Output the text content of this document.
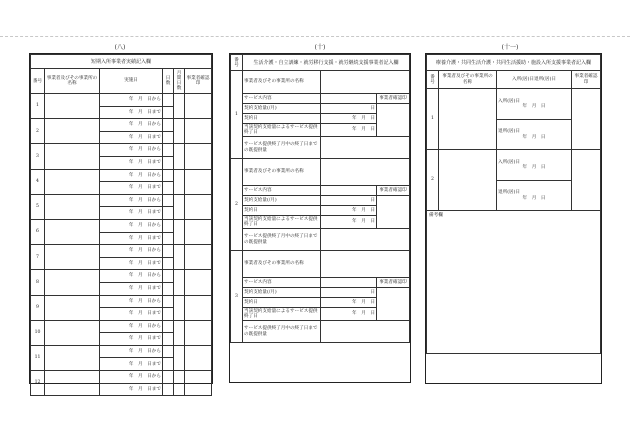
(八)	(十)	(十一)
短期入所事業者実績記入欄					
番号	事業者及びその事業所の名称	実施日	日数	月間日数	事業者確認印
1		年　月　日から			
		年　月　日まで			
2		年　月　日から			
		年　月　日まで			
3		年　月　日から			
		年　月　日まで			
4		年　月　日から			
		年　月　日まで			
5		年　月　日から			
		年　月　日まで			
6		年　月　日から			
		年　月　日まで			
7		年　月　日から			
		年　月　日まで			
8		年　月　日から			
		年　月　日まで			
9		年　月　日から			
		年　月　日まで			
10		年　月　日から			
		年　月　日まで			
11		年　月　日から			
		年　月　日まで			
12		年　月　日から			
		年　月　日まで			
番号	生活介護・自立訓練・就労移行支援・就労継続支援事業者記入欄		
1	事業者及びその事業所の名称		
	サービス内容		事業者確認印
	契約支給量(/月)	日	
	契約日	年　月　日	
	当該契約支給量によるサービス提供終了日	年　月　日	
	サービス提供終了月中の終了日までの既提供量		
2	事業者及びその事業所の名称		
	サービス内容		事業者確認印
	契約支給量(/月)	日	
	契約日	年　月　日	
	当該契約支給量によるサービス提供終了日	年　月　日	
	サービス提供終了月中の終了日までの既提供量		
3	事業者及びその事業所の名称		
	サービス内容		事業者確認印
	契約支給量(/月)	日	
	契約日	年　月　日	
	当該契約支給量によるサービス提供終了日	年　月　日	
	サービス提供終了月中の終了日までの既提供量		
療養介護・共同生活介護・共同生活援助・施設入所支援事業者記入欄			
番号	事業者及びその事業所の名称	入所(居)日退所(居)日	事業者確認印
1		入所(居)日
年　月　日	

		退所(居)日
年　月　日	

2		入所(居)日
年　月　日	

		退所(居)日
年　月　日	

備考欄			
